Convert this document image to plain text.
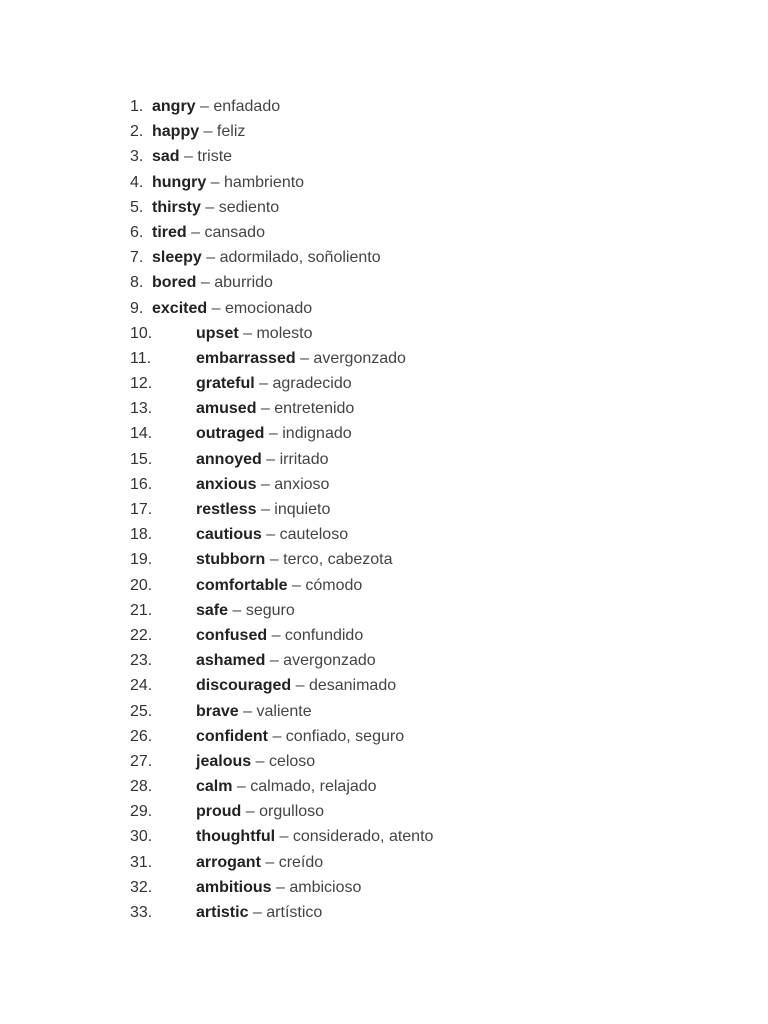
1. angry – enfadado
2. happy – feliz
3. sad – triste
4. hungry – hambriento
5. thirsty – sediento
6. tired – cansado
7. sleepy – adormilado, soñoliento
8. bored – aburrido
9. excited – emocionado
10.	upset – molesto
11.	embarrassed – avergonzado
12.	grateful – agradecido
13.	amused – entretenido
14.	outraged – indignado
15.	annoyed – irritado
16.	anxious – anxioso
17.	restless – inquieto
18.	cautious – cauteloso
19.	stubborn – terco, cabezota
20.	comfortable – cómodo
21.	safe – seguro
22.	confused – confundido
23.	ashamed – avergonzado
24.	discouraged – desanimado
25.	brave – valiente
26.	confident – confiado, seguro
27.	jealous – celoso
28.	calm – calmado, relajado
29.	proud – orgulloso
30.	thoughtful – considerado, atento
31.	arrogant – creído
32.	ambitious – ambicioso
33.	artistic – artístico
